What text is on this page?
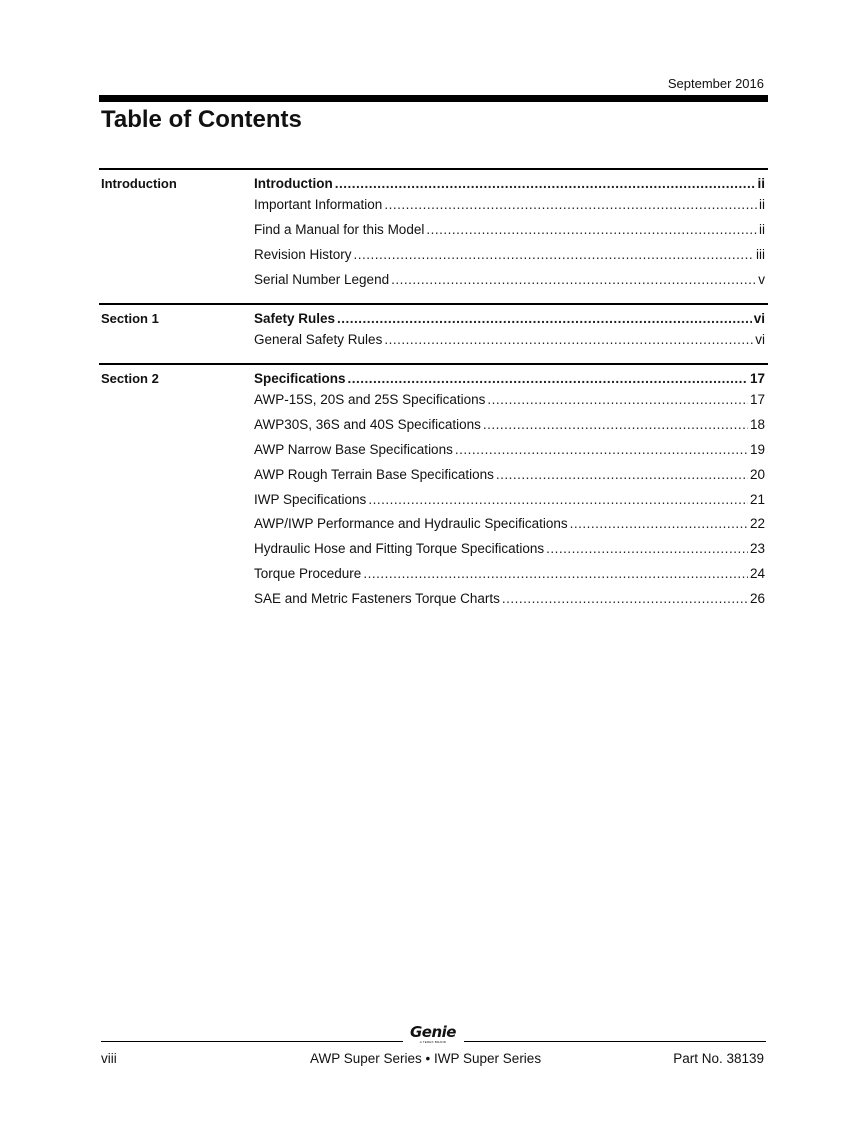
September 2016
Table of Contents
Introduction	Introduction .....	ii
Important Information .....	ii
Find a Manual for this Model .....	ii
Revision History .....	iii
Serial Number Legend .....	v
Section 1	Safety Rules .....	vi
General Safety Rules .....	vi
Section 2	Specifications .....	17
AWP-15S, 20S and 25S Specifications .....	17
AWP30S, 36S and 40S Specifications .....	18
AWP Narrow Base Specifications .....	19
AWP Rough Terrain Base Specifications .....	20
IWP Specifications .....	21
AWP/IWP Performance and Hydraulic Specifications .....	22
Hydraulic Hose and Fitting Torque Specifications .....	23
Torque Procedure .....	24
SAE and Metric Fasteners Torque Charts .....	26
Genie
A TEREX BRAND
viii	AWP Super Series • IWP Super Series	Part No. 38139
